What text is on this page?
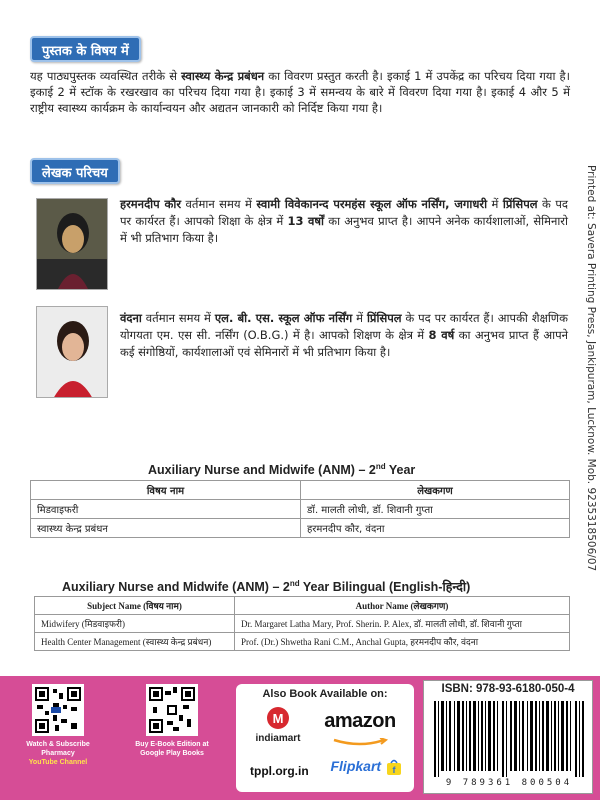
पुस्तक के विषय में

यह पाठ्यपुस्तक व्यवस्थित तरीके से स्वास्थ्य केन्द्र प्रबंधन का विवरण प्रस्तुत करती है। इकाई 1 में उपकेंद्र का परिचय दिया गया है। इकाई 2 में स्टॉक के रखरखाव का परिचय दिया गया है। इकाई 3 में समन्वय के बारे में विवरण दिया गया है। इकाई 4 और 5 में राष्ट्रीय स्वास्थ्य कार्यक्रम के कार्यान्वयन और अद्यतन जानकारी को निर्दिष्ट किया गया है।

लेखक परिचय

हरमनदीप कौर वर्तमान समय में स्वामी विवेकानन्द परमहंस स्कूल ऑफ नर्सिंग, जगाधरी में प्रिंसिपल के पद पर कार्यरत हैं। आपको शिक्षा के क्षेत्र में 13 वर्षों का अनुभव प्राप्त है। आपने अनेक कार्यशालाओं, सेमिनारो में भी प्रतिभाग किया है।

वंदना वर्तमान समय में एल. बी. एस. स्कूल ऑफ नर्सिंग में प्रिंसिपल के पद पर कार्यरत हैं। आपकी शैक्षणिक योगयता एम. एस सी. नर्सिंग (O.B.G.) में है। आपको शिक्षण के क्षेत्र में 8 वर्ष का अनुभव प्राप्त हैं आपने कई संगोष्ठियों, कार्यशालाओं एवं सेमिनारों में भी प्रतिभाग किया है।	Printed at: Savera Printing Press, Jankipuram, Lucknow. Mob. 9235318506/07
Auxiliary Nurse and Midwife (ANM) – 2nd Year
विषय नाम	लेखकगण
मिडवाइफरी	डॉ. मालती लोधी, डॉ. शिवानी गुप्ता
स्वास्थ्य केन्द्र प्रबंधन	हरमनदीप कौर, वंदना
Auxiliary Nurse and Midwife (ANM) – 2nd Year Bilingual (English-हिन्दी)
Subject Name (विषय नाम)	Author Name (लेखकगण)
Midwifery (मिडवाइफरी)	Dr. Margaret Latha Mary, Prof. Sherin. P. Alex, डॉ. मालती लोधी, डॉ. शिवानी गुप्ता
Health Center Management (स्वास्थ्य केन्द्र प्रबंधन)	Prof. (Dr.) Shwetha Rani C.M., Anchal Gupta, हरमनदीप कौर, वंदना
Watch & Subscribe
Pharmacy
YouTube Channel
Buy E-Book Edition at
Google Play Books
Also Book Available on:
M
indiamart
amazon
tppl.org.in	Flipkart f
ISBN: 978-93-6180-050-4
9 789361 800504
